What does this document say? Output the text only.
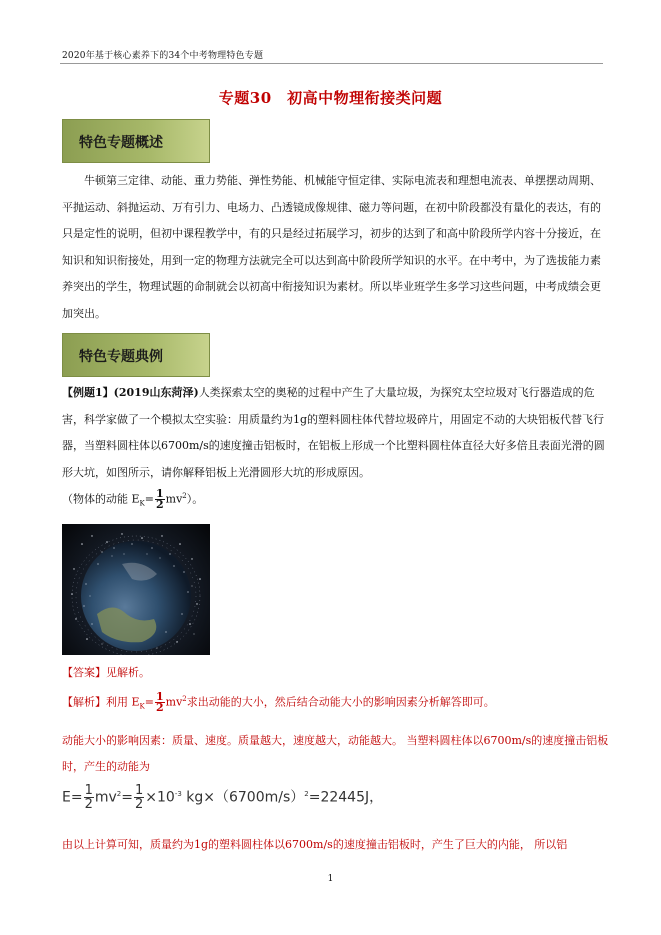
2020年基于核心素养下的34个中考物理特色专题
专题30　初高中物理衔接类问题
特色专题概述
牛顿第三定律、动能、重力势能、弹性势能、机械能守恒定律、实际电流表和理想电流表、单摆摆动周期、平抛运动、斜抛运动、万有引力、电场力、凸透镜成像规律、磁力等问题，在初中阶段都没有量化的表达，有的只是定性的说明，但初中课程教学中，有的只是经过拓展学习，初步的达到了和高中阶段所学内容十分接近，在知识和知识衔接处，用到一定的物理方法就完全可以达到高中阶段所学知识的水平。在中考中，为了选拔能力素养突出的学生，物理试题的命制就会以初高中衔接知识为素材。所以毕业班学生多学习这些问题，中考成绩会更加突出。
特色专题典例
【例题1】(2019山东菏泽)人类探索太空的奥秘的过程中产生了大量垃圾，为探究太空垃圾对飞行器造成的危害，科学家做了一个模拟太空实验：用质量约为1g的塑料圆柱体代替垃圾碎片，用固定不动的大块铝板代替飞行器，当塑料圆柱体以6700m/s的速度撞击铝板时，在铝板上形成一个比塑料圆柱体直径大好多倍且表面光滑的圆形大坑，如图所示，请你解释铝板上光滑圆形大坑的形成原因。
（物体的动能 $E_K= \frac{1}{2} mv^2$）。
【答案】见解析。
【解析】利用 $E_K= \frac{1}{2} mv^2$求出动能的大小，然后结合动能大小的影响因素分析解答即可。
动能大小的影响因素：质量、速度。质量越大，速度越大，动能越大。 当塑料圆柱体以6700m/s的速度撞击铝板时，产生的动能为
$E= \frac{1}{2} mv^2= \frac{1}{2} \times 10^{-3}$ $kg\times(6700m/s)^2=22445J$，
由以上计算可知，质量约为1g的塑料圆柱体以6700m/s的速度撞击铝板时，产生了巨大的内能， 所以铝
1
